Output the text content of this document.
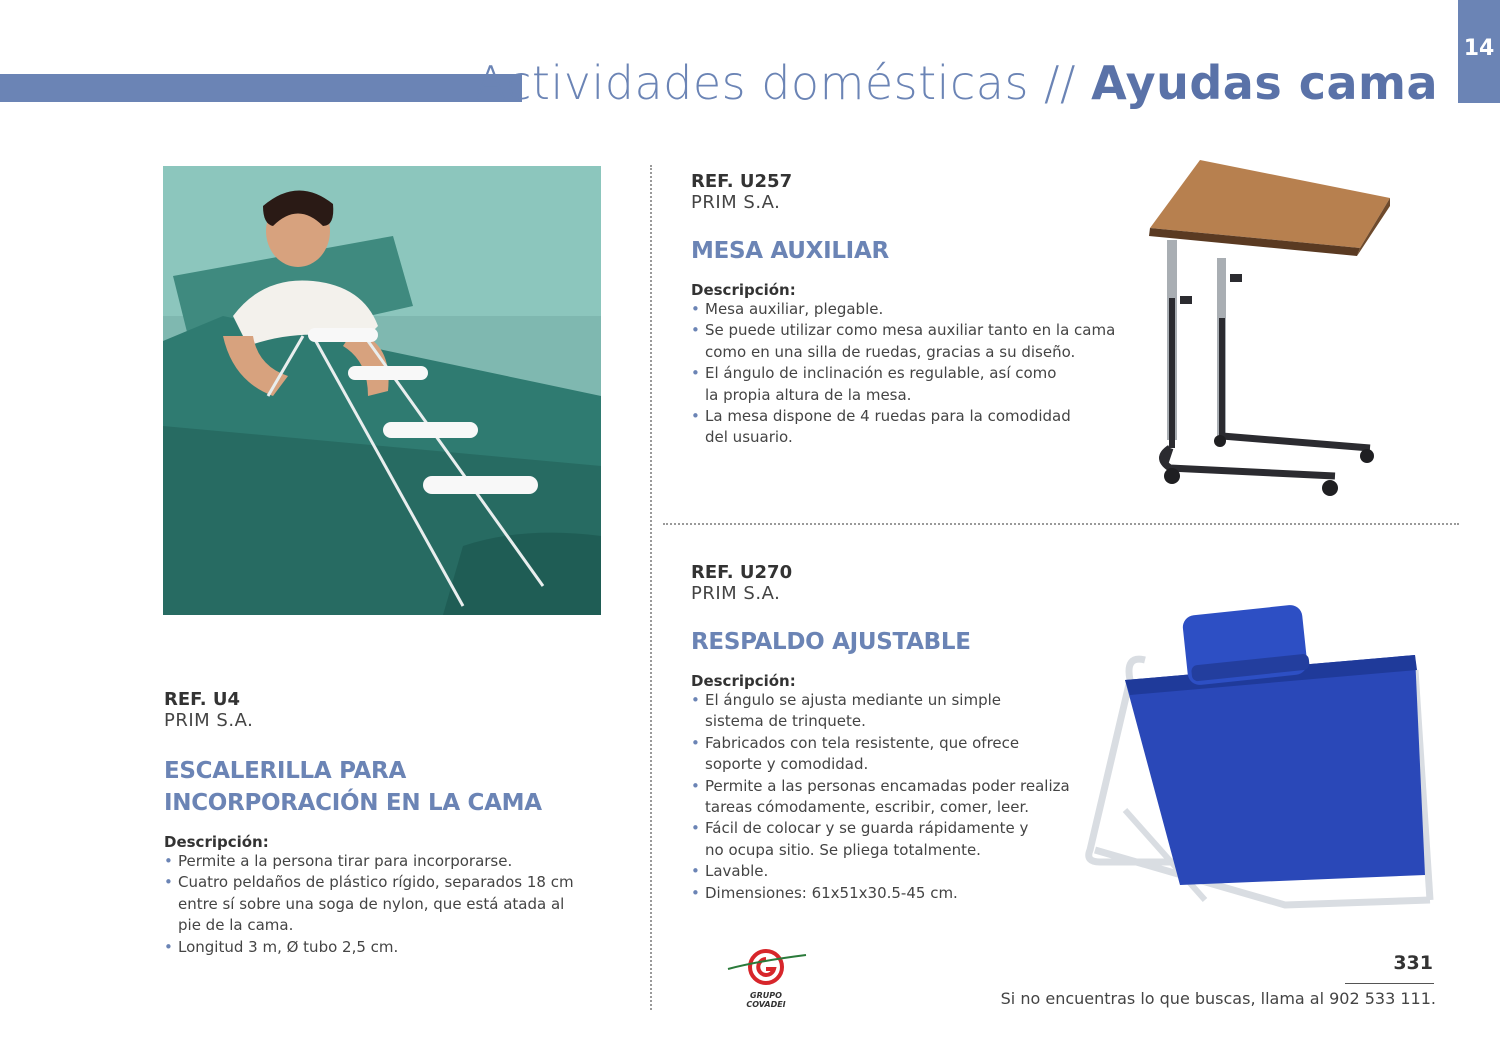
14
Actividades domésticas // Ayudas cama
REF. U4
PRIM S.A.
ESCALERILLA PARA
INCORPORACIÓN EN LA CAMA
Descripción:
• Permite a la persona tirar para incorporarse.
• Cuatro peldaños de plástico rígido, separados 18 cm
entre sí sobre una soga de nylon, que está atada al
pie de la cama.
• Longitud 3 m, Ø tubo 2,5 cm.
REF. U257
PRIM S.A.
MESA AUXILIAR
Descripción:
• Mesa auxiliar, plegable.
• Se puede utilizar como mesa auxiliar tanto en la cama
como en una silla de ruedas, gracias a su diseño.
• El ángulo de inclinación es regulable, así como
la propia altura de la mesa.
• La mesa dispone de 4 ruedas para la comodidad
del usuario.
REF. U270
PRIM S.A.
RESPALDO AJUSTABLE
Descripción:
• El ángulo se ajusta mediante un simple
sistema de trinquete.
• Fabricados con tela resistente, que ofrece
soporte y comodidad.
• Permite a las personas encamadas poder realiza
tareas cómodamente, escribir, comer, leer.
• Fácil de colocar y se guarda rápidamente y
no ocupa sitio. Se pliega totalmente.
• Lavable.
• Dimensiones: 61x51x30.5-45 cm.
GRUPO
COVADEI
331
Si no encuentras lo que buscas, llama al 902 533 111.
